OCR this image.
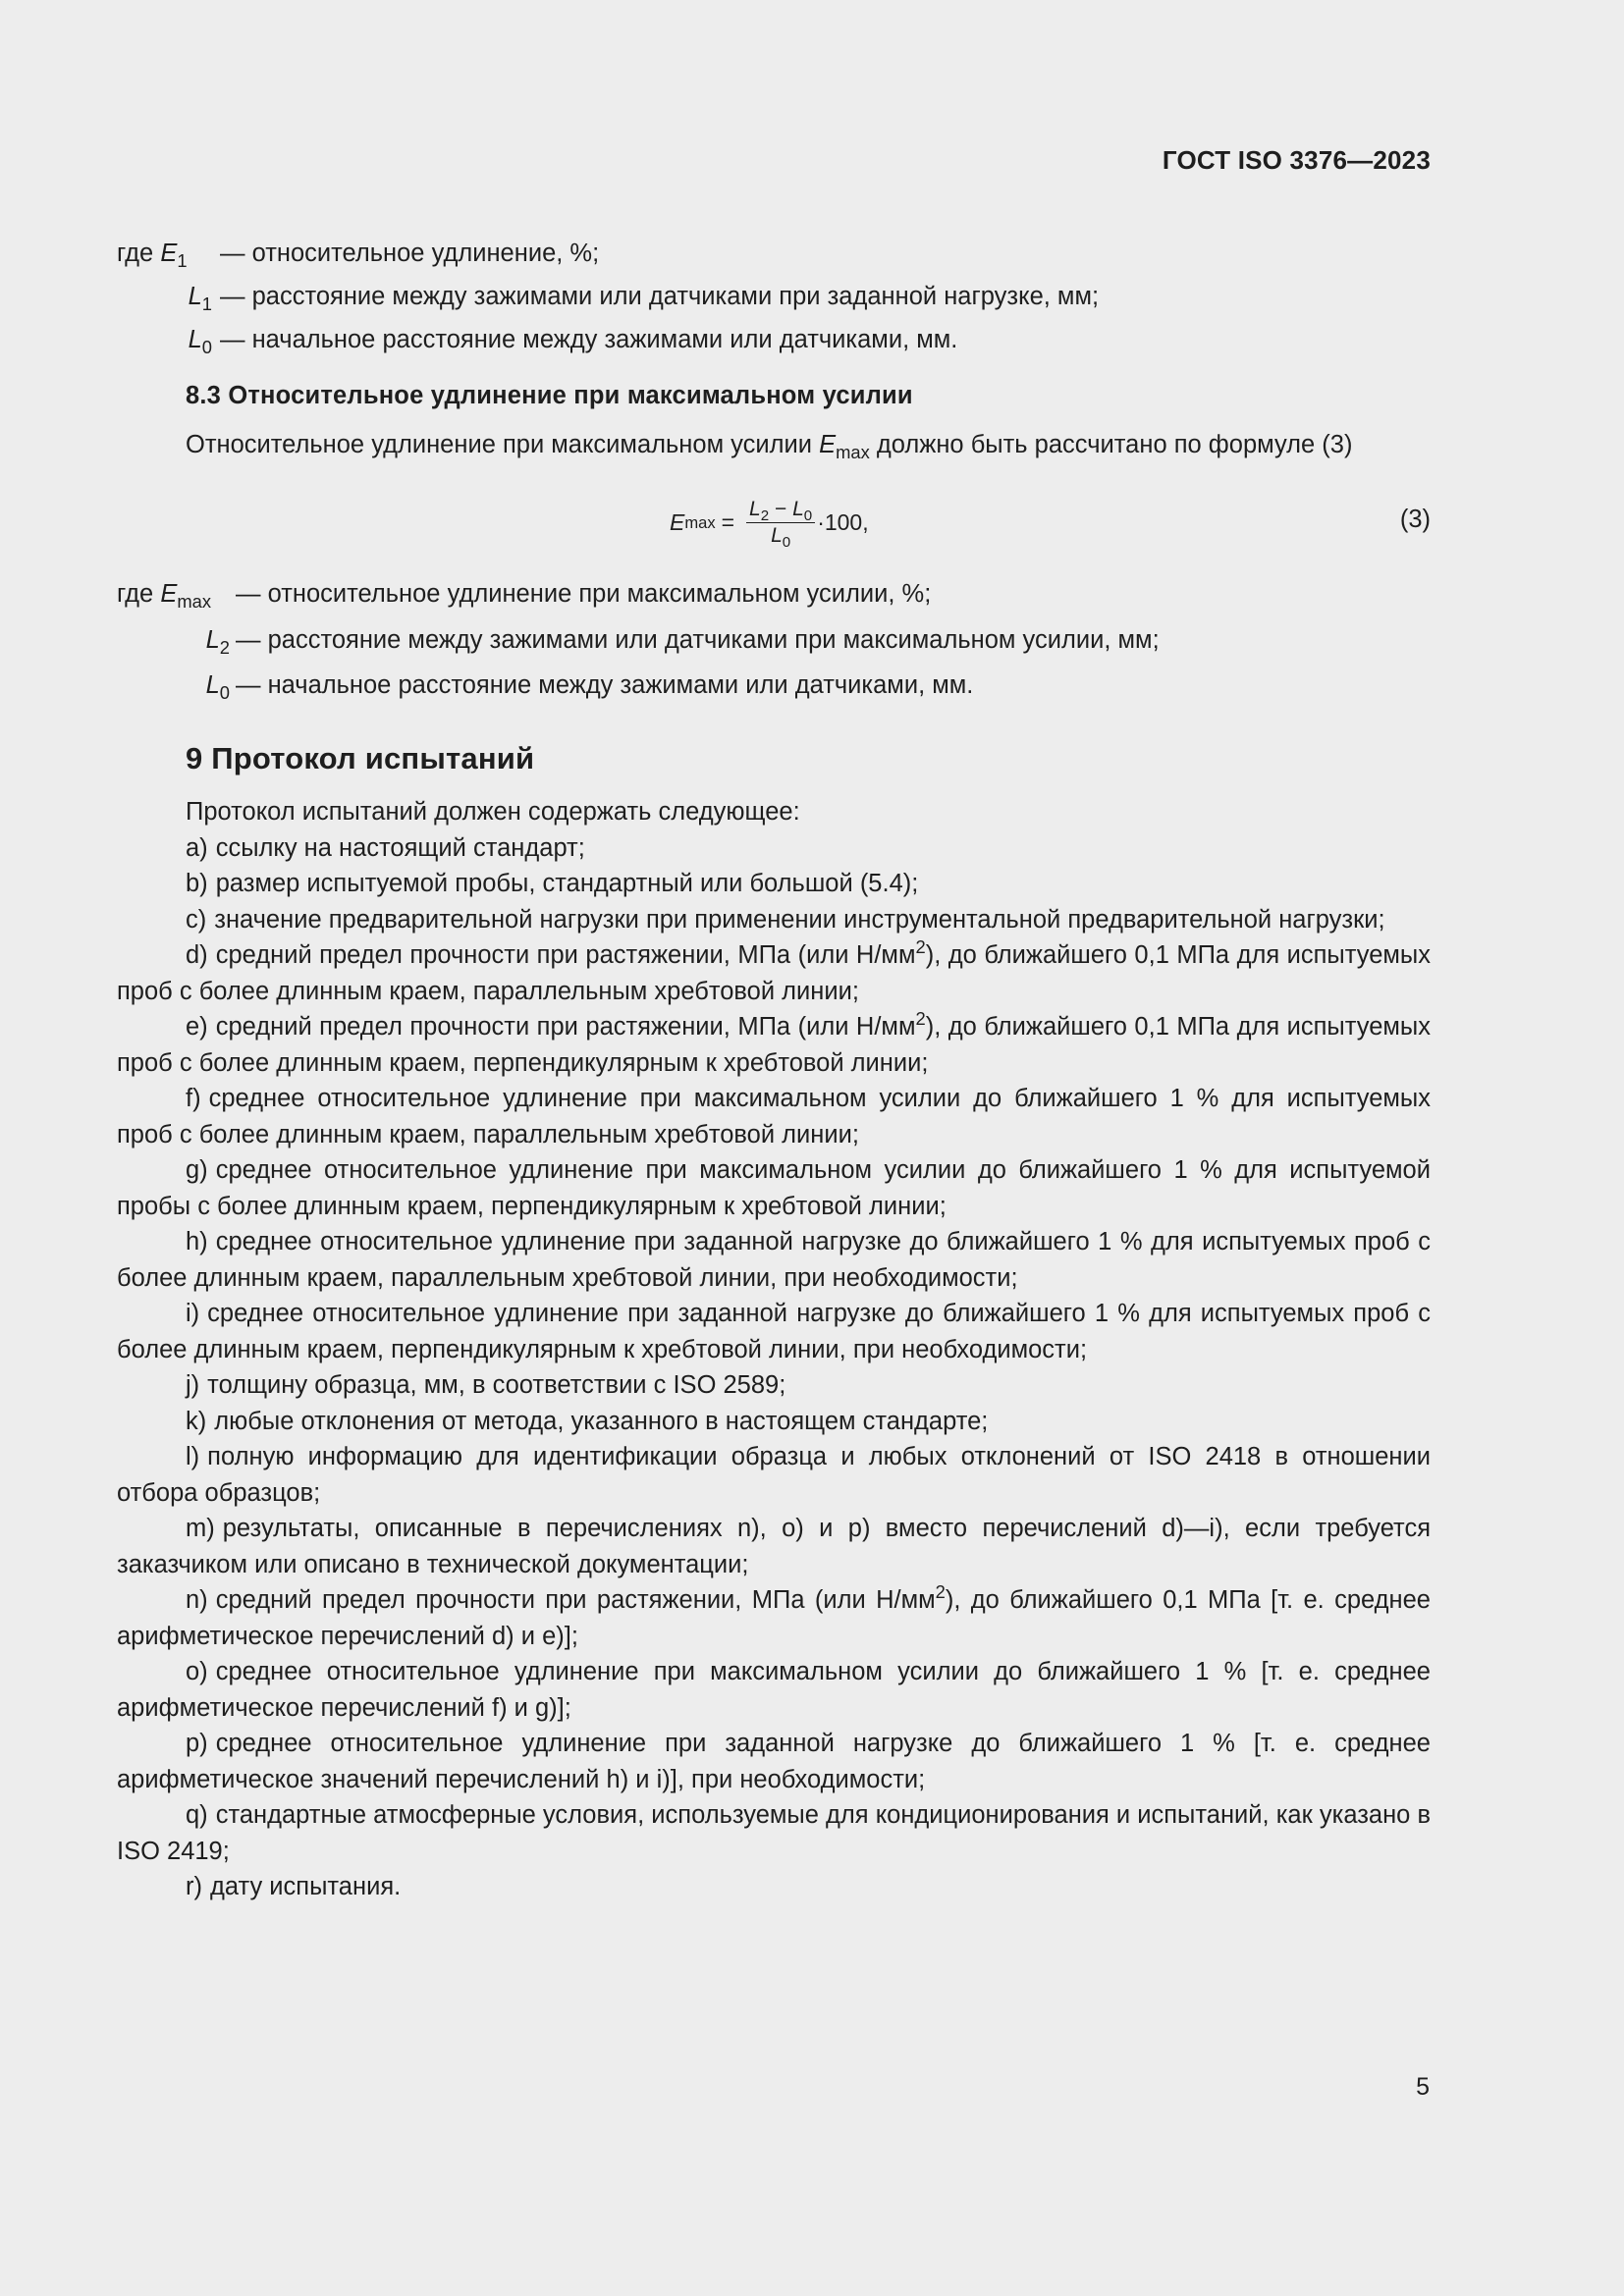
ГОСТ ISO 3376—2023
где $E_1$	— относительное удлинение, %;
$L_1$ — расстояние между зажимами или датчиками при заданной нагрузке, мм;
$L_0$ — начальное расстояние между зажимами или датчиками, мм.
8.3 Относительное удлинение при максимальном усилии

Относительное удлинение при максимальном усилии $E_{max}$ должно быть рассчитано по формуле (3)

E $\max = \frac{L_2 - L_0}{L_0} \cdot 100$,	(3)
где $E_{max}$ — относительное удлинение при максимальном усилии, %;
$L_2$ — расстояние между зажимами или датчиками при максимальном усилии, мм;
$L_0$ — начальное расстояние между зажимами или датчиками, мм.
9 Протокол испытаний

Протокол испытаний должен содержать следующее:

a) ссылку на настоящий стандарт;

b) размер испытуемой пробы, стандартный или большой (5.4);

c) значение предварительной нагрузки при применении инструментальной предварительной нагрузки;

d) средний предел прочности при растяжении, МПа (или $Н/мм^2$), до ближайшего 0,1 МПа для испытуемых проб с более длинным краем, параллельным хребтовой линии;

e) средний предел прочности при растяжении, МПа (или $Н/мм^2$), до ближайшего 0,1 МПа для испытуемых проб с более длинным краем, перпендикулярным к хребтовой линии;

f) среднее относительное удлинение при максимальном усилии до ближайшего 1 % для испытуемых проб с более длинным краем, параллельным хребтовой линии;

g) среднее относительное удлинение при максимальном усилии до ближайшего 1 % для испытуемой пробы с более длинным краем, перпендикулярным к хребтовой линии;

h) среднее относительное удлинение при заданной нагрузке до ближайшего 1 % для испытуемых проб с более длинным краем, параллельным хребтовой линии, при необходимости;

i) среднее относительное удлинение при заданной нагрузке до ближайшего 1 % для испытуемых проб с более длинным краем, перпендикулярным к хребтовой линии, при необходимости;

j) толщину образца, мм, в соответствии с ISO 2589;

k) любые отклонения от метода, указанного в настоящем стандарте;

l) полную информацию для идентификации образца и любых отклонений от ISO 2418 в отношении отбора образцов;

m) результаты, описанные в перечислениях n), o) и p) вместо перечислений d)—i), если требуется заказчиком или описано в технической документации;

n) средний предел прочности при растяжении, МПа (или $Н/мм^2$), до ближайшего 0,1 МПа [т. е. среднее арифметическое перечислений d) и e)];

o) среднее относительное удлинение при максимальном усилии до ближайшего 1 % [т. е. среднее арифметическое перечислений f) и g)];

p) среднее относительное удлинение при заданной нагрузке до ближайшего 1 % [т. е. среднее арифметическое значений перечислений h) и i)], при необходимости;

q) стандартные атмосферные условия, используемые для кондиционирования и испытаний, как указано в ISO 2419;

r) дату испытания.

5
